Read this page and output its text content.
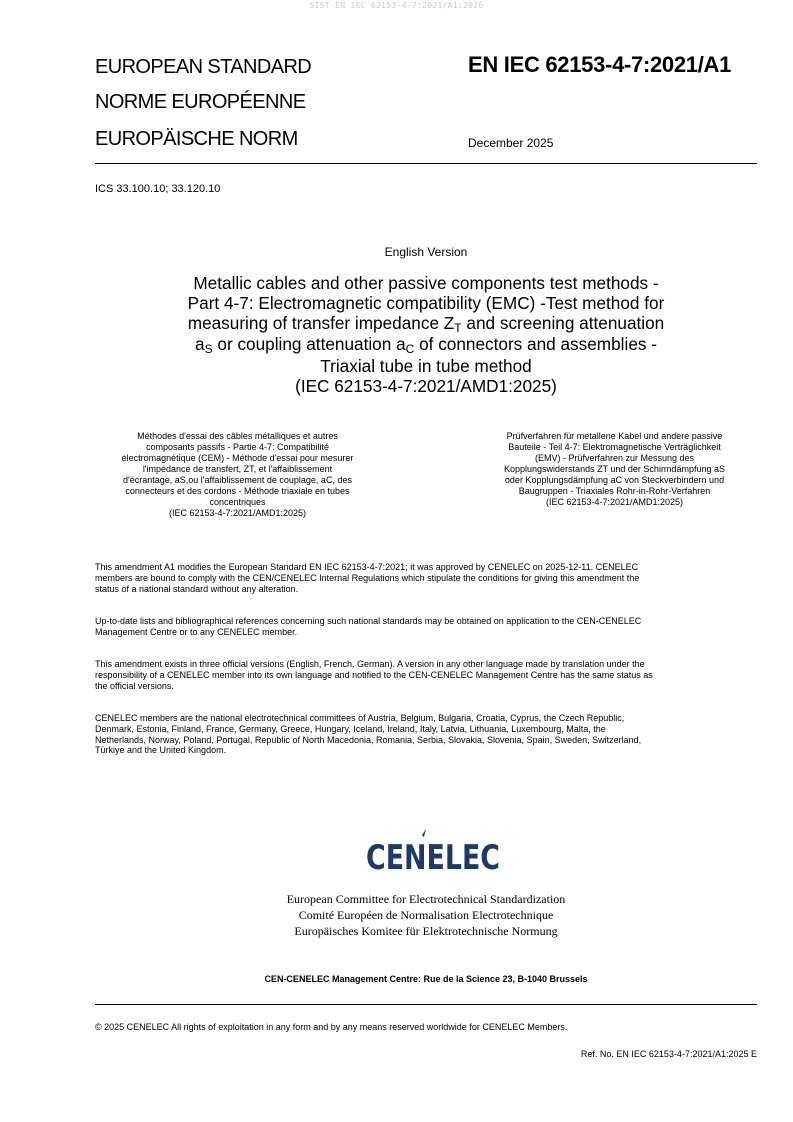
SIST EN IEC 62153-4-7:2021/A1:2026
EUROPEAN STANDARD
NORME EUROPÉENNE
EUROPÄISCHE NORM
EN IEC 62153-4-7:2021/A1
December 2025
ICS 33.100.10; 33.120.10
English Version
Metallic cables and other passive components test methods -
Part 4-7: Electromagnetic compatibility (EMC) -Test method for
measuring of transfer impedance $Z_T$ and screening attenuation
$a_S$ or coupling attenuation $a_C$ of connectors and assemblies -
Triaxial tube in tube method
(IEC 62153-4-7:2021/AMD1:2025)
Méthodes d'essai des câbles métalliques et autres
composants passifs - Partie 4-7: Compatibilité
électromagnétique (CEM) - Méthode d'essai pour mesurer
l'impédance de transfert, ZT, et l'affaiblissement
d'écrantage, aS,ou l'affaiblissement de couplage, aC, des
connecteurs et des cordons - Méthode triaxiale en tubes
concentriques
(IEC 62153-4-7:2021/AMD1:2025)
Prüfverfahren für metallene Kabel und andere passive
Bauteile - Teil 4-7: Elektromagnetische Verträglichkeit
(EMV) - Prüfverfahren zur Messung des
Kopplungswiderstands ZT und der Schirmdämpfung aS
oder Kopplungsdämpfung aC von Steckverbindern und
Baugruppen - Triaxiales Rohr-in-Rohr-Verfahren
(IEC 62153-4-7:2021/AMD1:2025)
This amendment A1 modifies the European Standard EN IEC 62153-4-7:2021; it was approved by CENELEC on 2025-12-11. CENELEC
members are bound to comply with the CEN/CENELEC Internal Regulations which stipulate the conditions for giving this amendment the
status of a national standard without any alteration.
Up-to-date lists and bibliographical references concerning such national standards may be obtained on application to the CEN-CENELEC
Management Centre or to any CENELEC member.
This amendment exists in three official versions (English, French, German). A version in any other language made by translation under the
responsibility of a CENELEC member into its own language and notified to the CEN-CENELEC Management Centre has the same status as
the official versions.
CENELEC members are the national electrotechnical committees of Austria, Belgium, Bulgaria, Croatia, Cyprus, the Czech Republic,
Denmark, Estonia, Finland, France, Germany, Greece, Hungary, Iceland, Ireland, Italy, Latvia, Lithuania, Luxembourg, Malta, the
Netherlands, Norway, Poland, Portugal, Republic of North Macedonia, Romania, Serbia, Slovakia, Slovenia, Spain, Sweden, Switzerland,
Türkiye and the United Kingdom.
CENELEC
European Committee for Electrotechnical Standardization
Comité Européen de Normalisation Electrotechnique
Europäisches Komitee für Elektrotechnische Normung
CEN-CENELEC Management Centre: Rue de la Science 23, B-1040 Brussels
© 2025 CENELEC All rights of exploitation in any form and by any means reserved worldwide for CENELEC Members.
Ref. No. EN IEC 62153-4-7:2021/A1:2025 E
